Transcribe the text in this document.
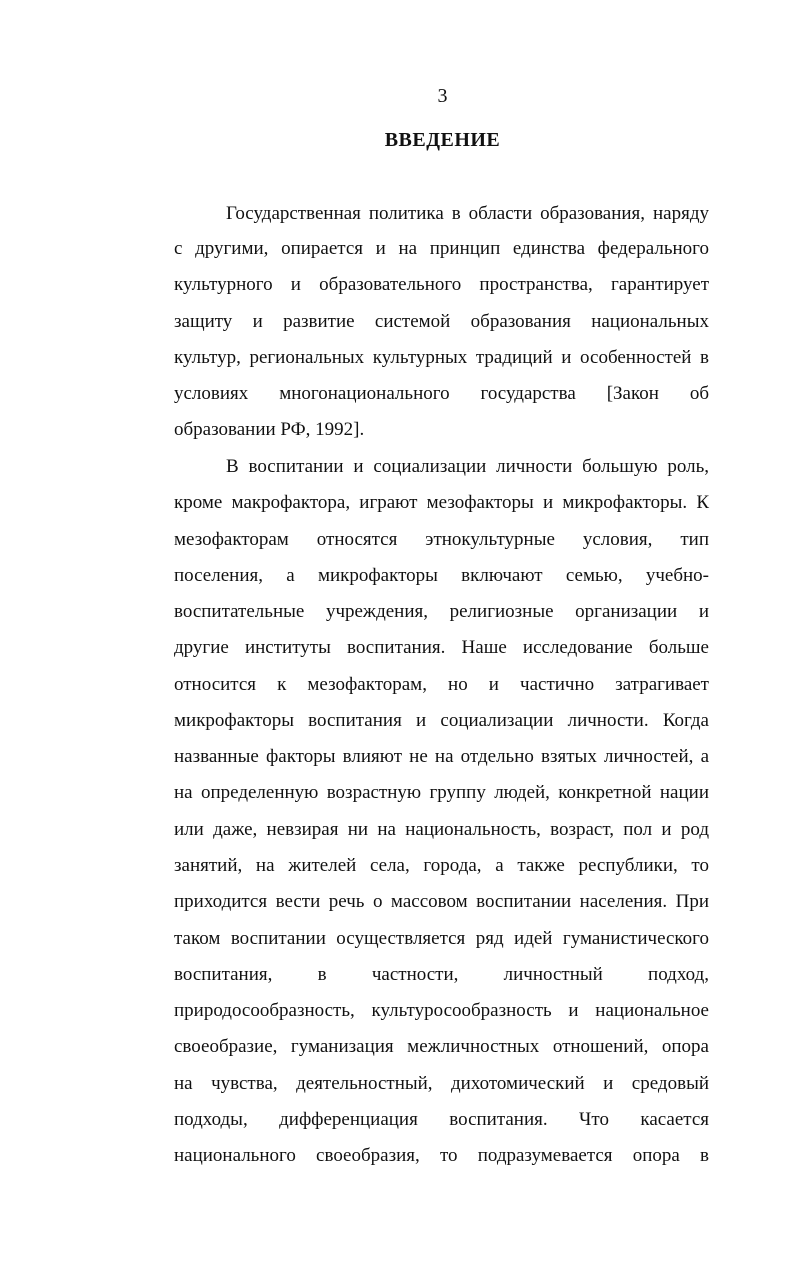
3
ВВЕДЕНИЕ
Государственная политика в области образования, наряду
с другими, опирается и на принцип единства федерального
культурного и образовательного пространства, гарантирует
защиту и развитие системой образования национальных
культур, региональных культурных традиций и особенностей в
условиях многонационального государства [Закон об
образовании РФ, 1992].
В воспитании и социализации личности большую роль,
кроме макрофактора, играют мезофакторы и микрофакторы. К
мезофакторам относятся этнокультурные условия, тип
поселения, а микрофакторы включают семью, учебно-
воспитательные учреждения, религиозные организации и
другие институты воспитания. Наше исследование больше
относится к мезофакторам, но и частично затрагивает
микрофакторы воспитания и социализации личности. Когда
названные факторы влияют не на отдельно взятых личностей, а
на определенную возрастную группу людей, конкретной нации
или даже, невзирая ни на национальность, возраст, пол и род
занятий, на жителей села, города, а также республики, то
приходится вести речь о массовом воспитании населения. При
таком воспитании осуществляется ряд идей гуманистического
воспитания, в частности, личностный подход,
природосообразность, культуросообразность и национальное
своеобразие, гуманизация межличностных отношений, опора
на чувства, деятельностный, дихотомический и средовый
подходы, дифференциация воспитания. Что касается
национального своеобразия, то подразумевается опора в
